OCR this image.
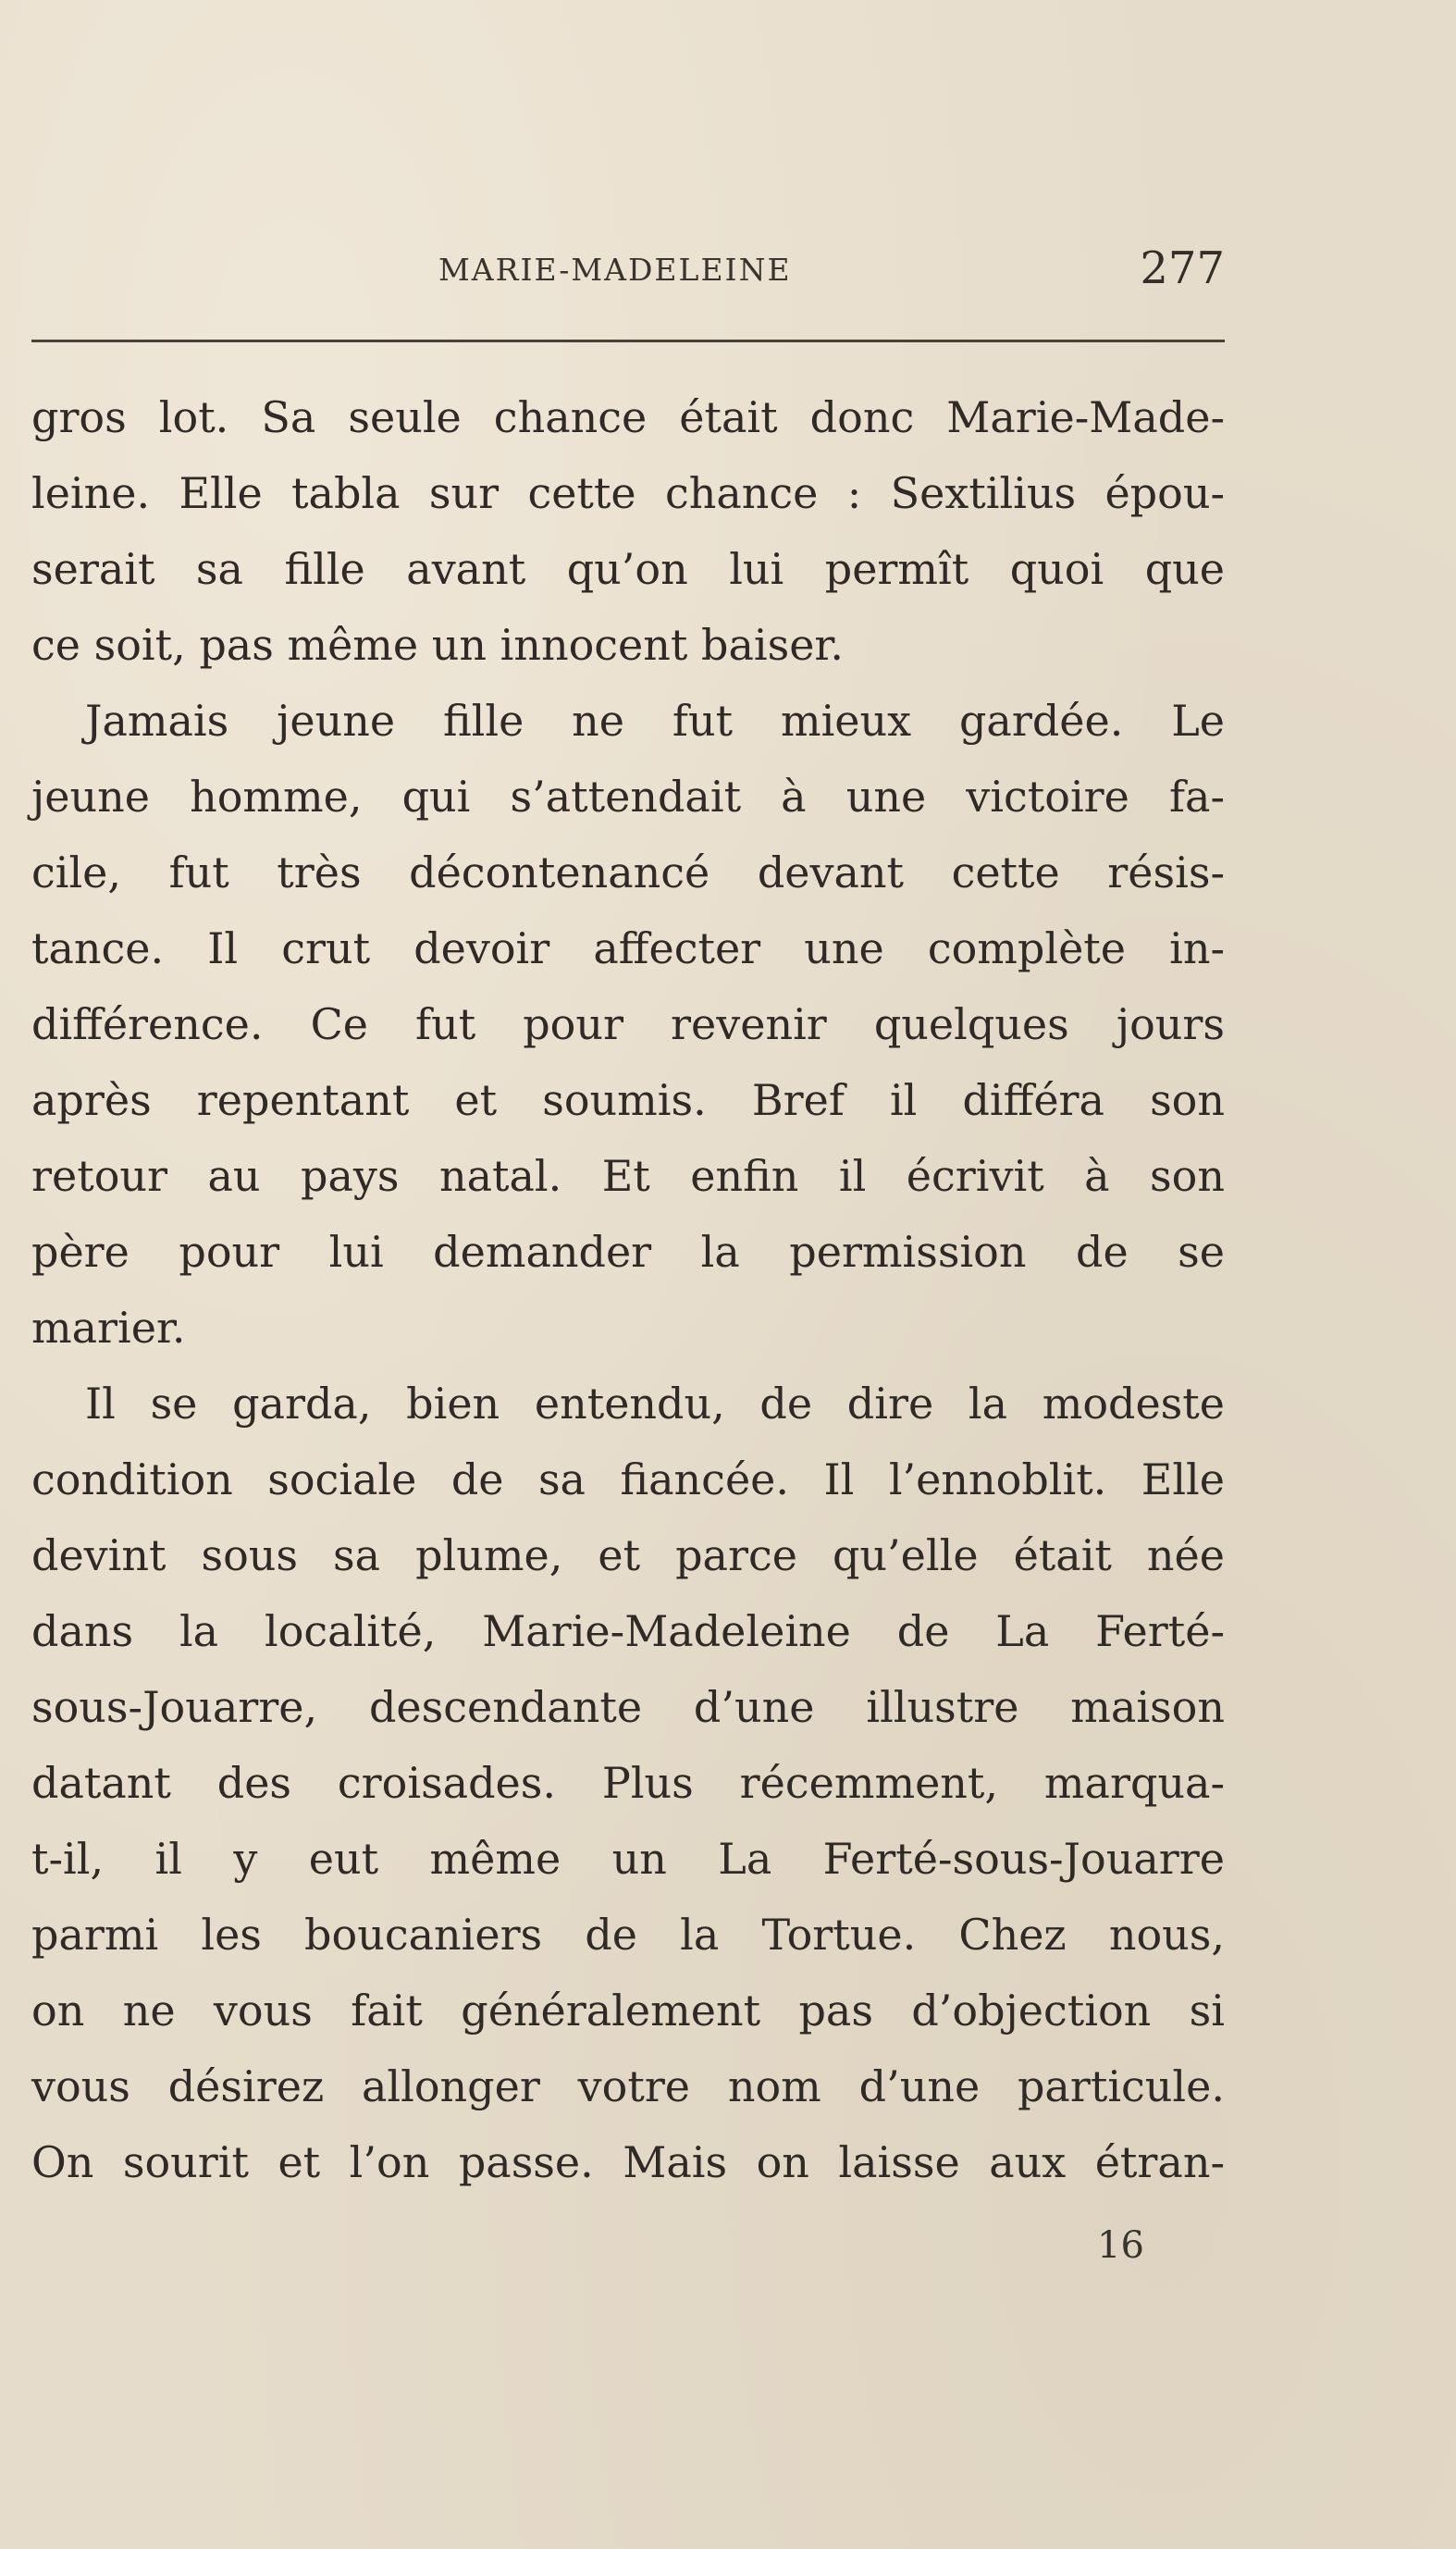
MARIE-MADELEINE	277
gros lot. Sa seule chance était donc Marie-Made-
leine. Elle tabla sur cette chance : Sextilius épou-
serait sa fille avant qu’on lui permît quoi que
ce soit, pas même un innocent baiser.
Jamais jeune fille ne fut mieux gardée. Le
jeune homme, qui s’attendait à une victoire fa-
cile, fut très décontenancé devant cette résis-
tance. Il crut devoir affecter une complète in-
différence. Ce fut pour revenir quelques jours
après repentant et soumis. Bref il différa son
retour au pays natal. Et enfin il écrivit à son
père pour lui demander la permission de se
marier.
Il se garda, bien entendu, de dire la modeste
condition sociale de sa fiancée. Il l’ennoblit. Elle
devint sous sa plume, et parce qu’elle était née
dans la localité, Marie-Madeleine de La Ferté-
sous-Jouarre, descendante d’une illustre maison
datant des croisades. Plus récemment, marqua-
t-il, il y eut même un La Ferté-sous-Jouarre
parmi les boucaniers de la Tortue. Chez nous,
on ne vous fait généralement pas d’objection si
vous désirez allonger votre nom d’une particule.
On sourit et l’on passe. Mais on laisse aux étran-
16
